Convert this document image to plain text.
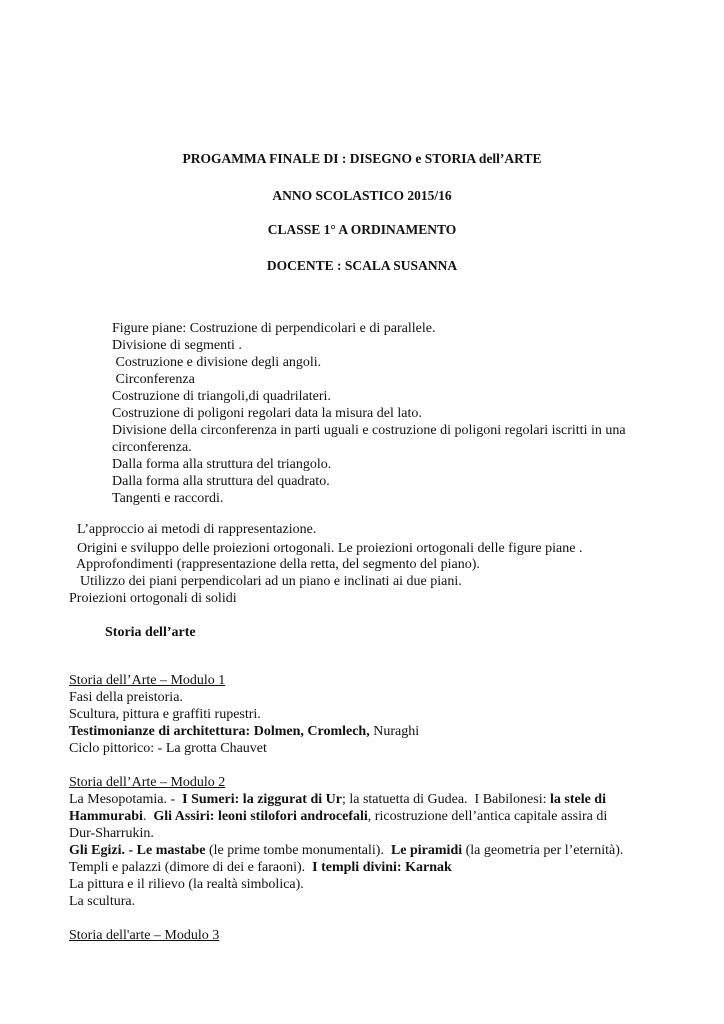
PROGAMMA FINALE DI : DISEGNO e STORIA dell’ARTE
ANNO SCOLASTICO 2015/16
CLASSE 1° A ORDINAMENTO
DOCENTE : SCALA SUSANNA

Figure piane: Costruzione di perpendicolari e di parallele.

Divisione di segmenti .

Costruzione e divisione degli angoli.

Circonferenza

Costruzione di triangoli,di quadrilateri.

Costruzione di poligoni regolari data la misura del lato.

Divisione della circonferenza in parti uguali e costruzione di poligoni regolari iscritti in una

circonferenza.

Dalla forma alla struttura del triangolo.

Dalla forma alla struttura del quadrato.

Tangenti e raccordi.

L’approccio ai metodi di rappresentazione.
Origini e sviluppo delle proiezioni ortogonali. Le proiezioni ortogonali delle figure piane .
Approfondimenti (rappresentazione della retta, del segmento del piano).
Utilizzo dei piani perpendicolari ad un piano e inclinati ai due piani.
Proiezioni ortogonali di solidi
Storia dell’arte

Storia dell’Arte – Modulo 1

Fasi della preistoria.

Scultura, pittura e graffiti rupestri.

Testimonianze di architettura: Dolmen, Cromlech, Nuraghi

Ciclo pittorico: - La grotta Chauvet

Storia dell’Arte – Modulo 2

La Mesopotamia. -  I Sumeri: la ziggurat di Ur; la statuetta di Gudea.  I Babilonesi: la stele di

Hammurabi.  Gli Assiri: leoni stilofori androcefali, ricostruzione dell’antica capitale assira di

Dur-Sharrukin.

Gli Egizi. - Le mastabe (le prime tombe monumentali).  Le piramidi (la geometria per l’eternità).

Templi e palazzi (dimore di dei e faraoni).  I templi divini: Karnak

La pittura e il rilievo (la realtà simbolica).

La scultura.

Storia dell'arte – Modulo 3
